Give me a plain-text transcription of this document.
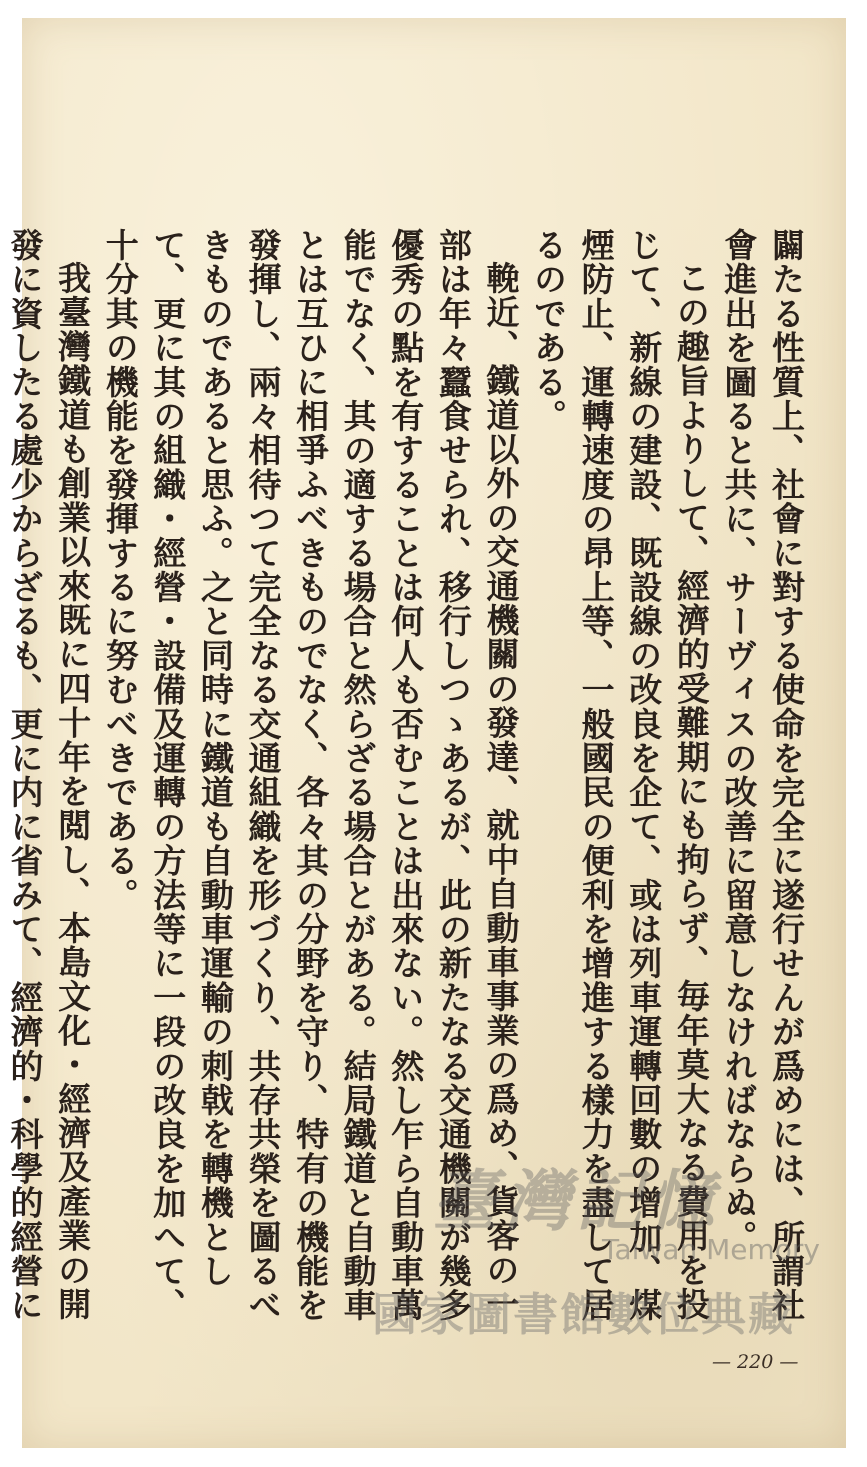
闢たる性質上、社會に對する使命を完全に遂行せんが爲めには、所謂社會進出を圖ると共に、サーヴィスの改善に留意しなければならぬ。

この趣旨よりして、經濟的受難期にも拘らず、毎年莫大なる費用を投じて、新線の建設、既設線の改良を企て、或は列車運轉回數の增加、煤煙防止、運轉速度の昂上等、一般國民の便利を增進する樣力を盡して居るのである。

輓近、鐵道以外の交通機關の發達、就中自動車事業の爲め、貨客の一部は年々蠶食せられ、移行しつゝあるが、此の新たなる交通機關が幾多優秀の點を有することは何人も否むことは出來ない。然し乍ら自動車萬能でなく、其の適する場合と然らざる場合とがある。結局鐵道と自動車とは互ひに相爭ふべきものでなく、各々其の分野を守り、特有の機能を發揮し、兩々相待つて完全なる交通組織を形づくり、共存共榮を圖るべきものであると思ふ。之と同時に鐵道も自動車運輸の刺戟を轉機として、更に其の組織・經營・設備及運轉の方法等に一段の改良を加へて、十分其の機能を發揮するに努むべきである。

我臺灣鐵道も創業以來既に四十年を閲し、本島文化・經濟及產業の開發に資したる處少からざるも、更に内に省みて、經濟的・科學的經營に

— 220 —
臺灣記憶
Taiwan Memory
國家圖書館數位典藏
